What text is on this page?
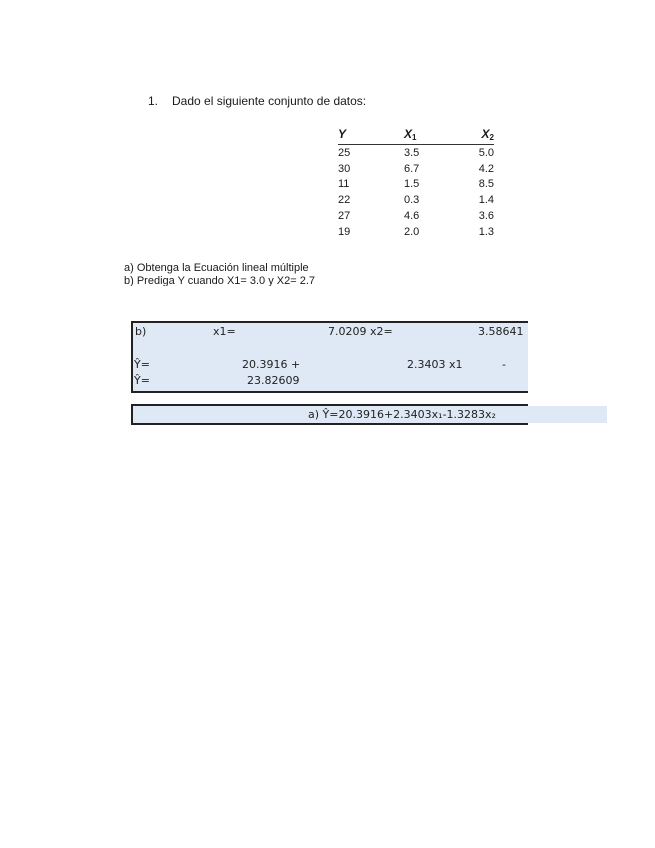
1. Dado el siguiente conjunto de datos:
Y	$X_1$	$X_2$
25	3.5	5.0
30	6.7	4.2
11	1.5	8.5
22	0.3	1.4
27	4.6	3.6
19	2.0	1.3
a) Obtenga la Ecuación lineal múltiple
b) Prediga Y cuando X1= 3.0 y X2= 2.7
b)	x1=	7.0209 x2=	3.58641
Ŷ=	20.3916 +	2.3403 x1	-
Ŷ=	23.82609
a) Ŷ=20.3916+2.3403x₁-1.3283x₂
